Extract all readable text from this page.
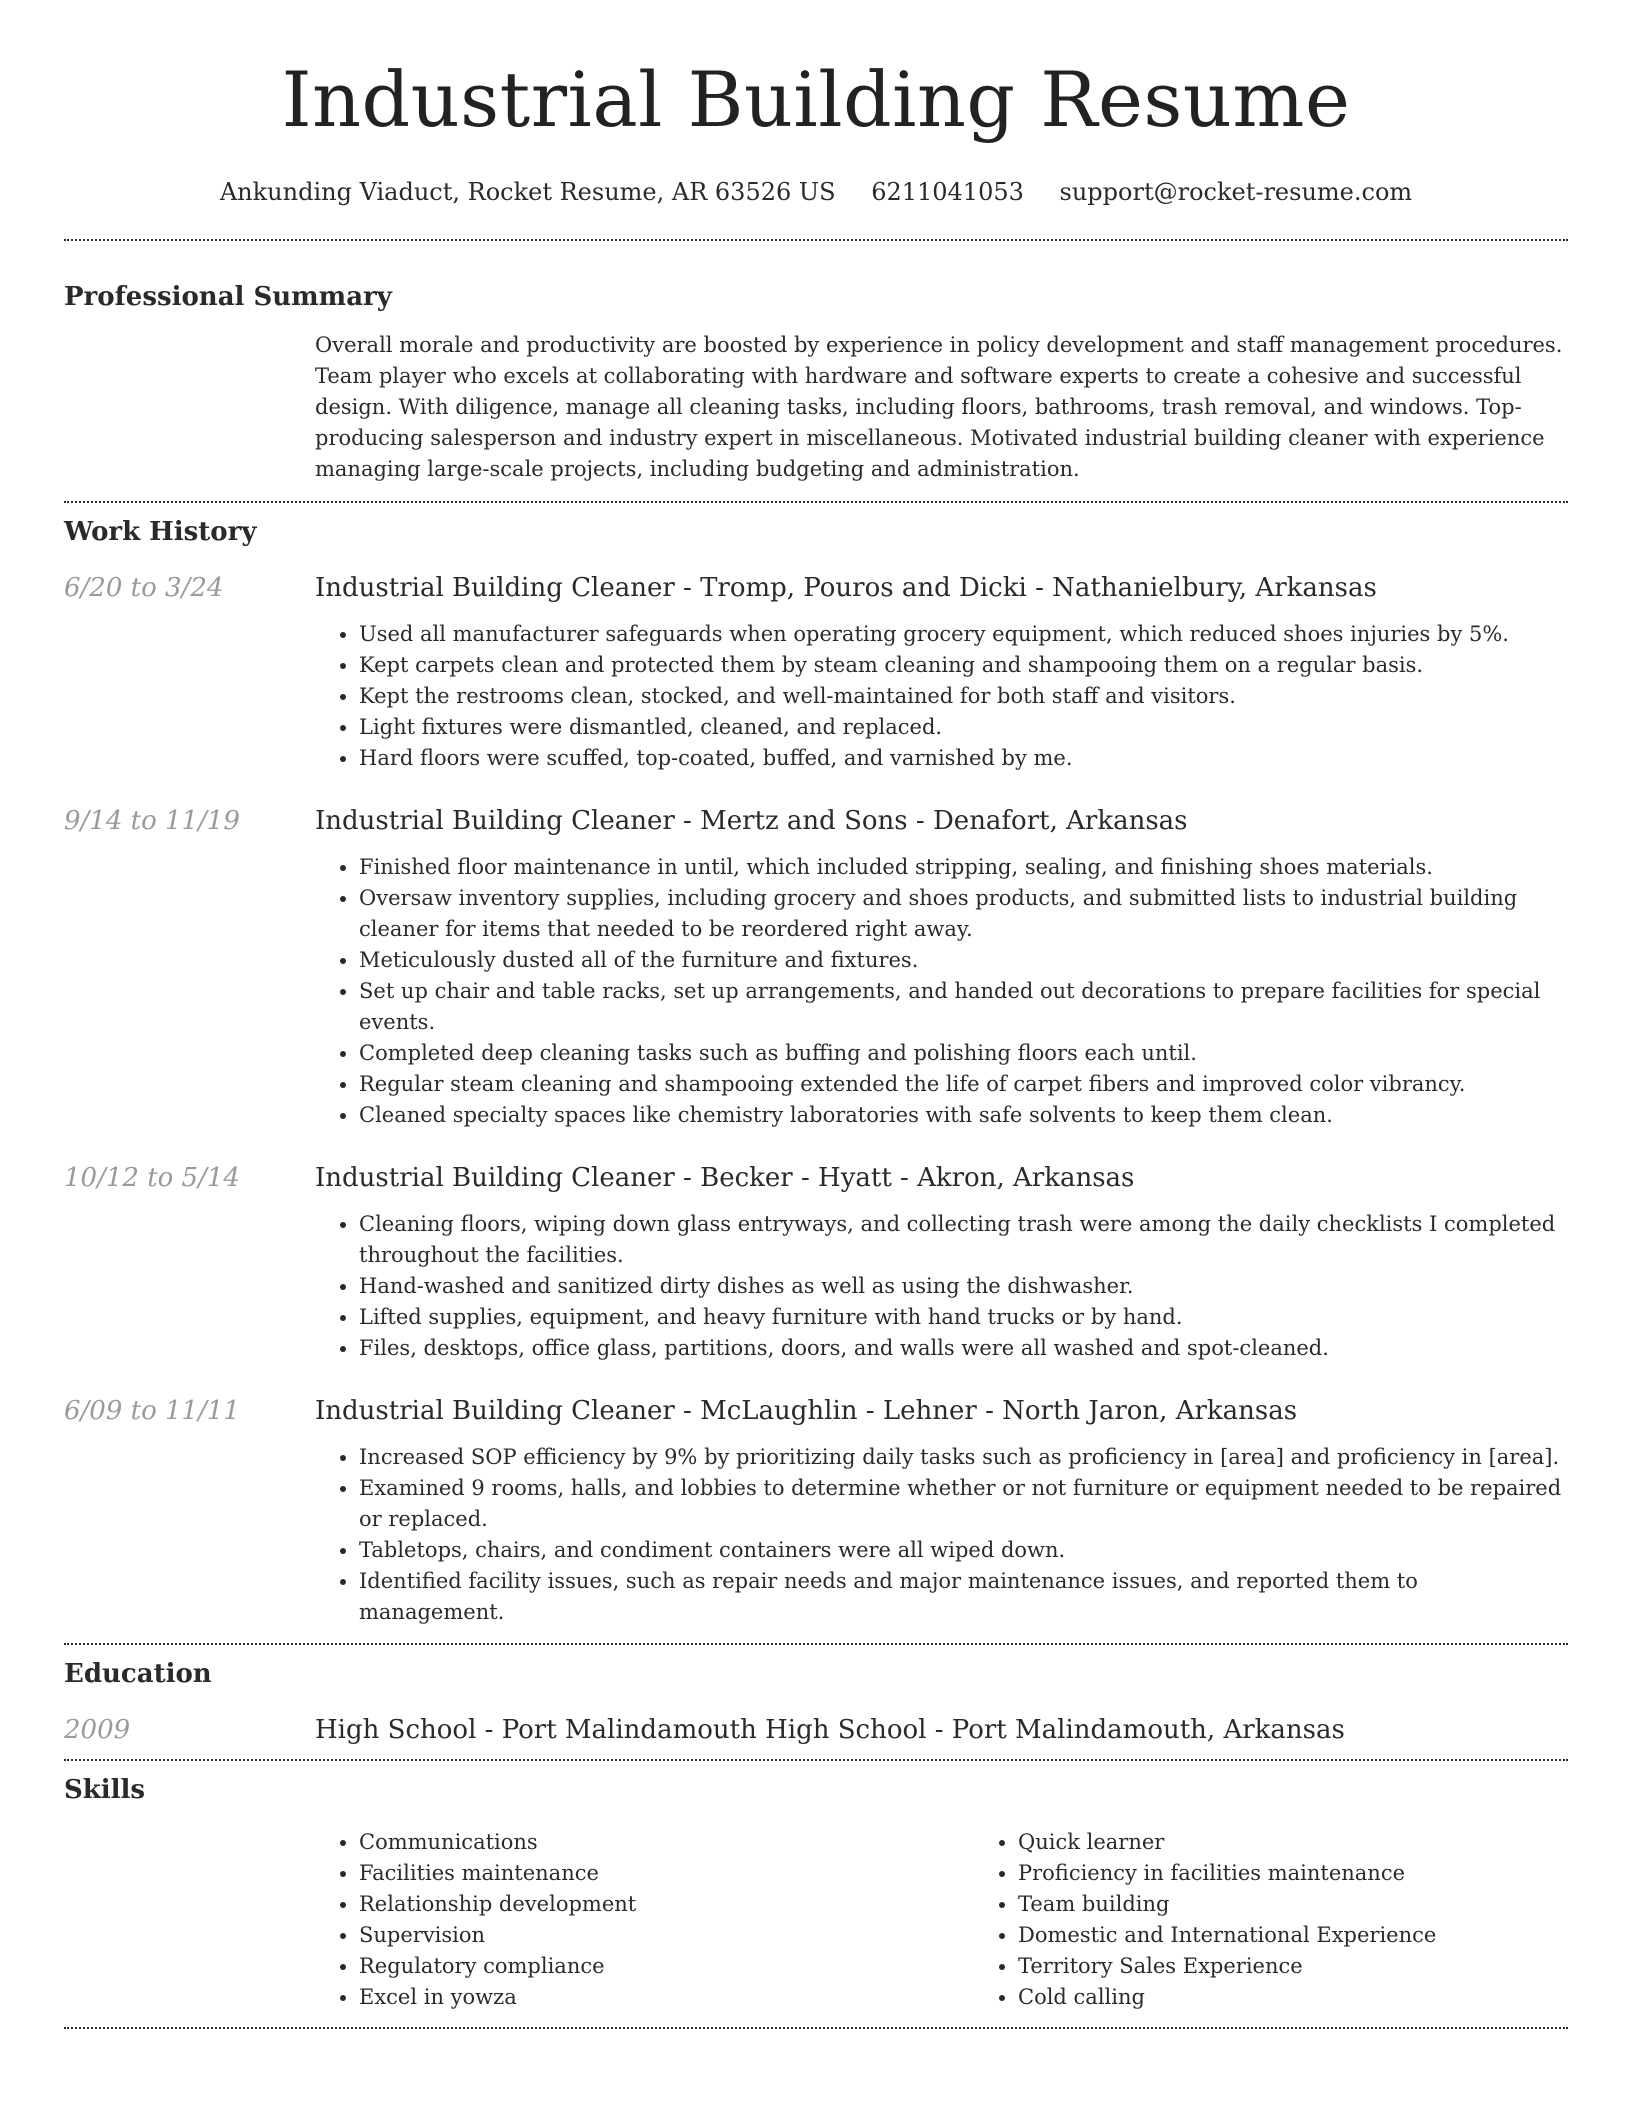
Industrial Building Resume
Ankunding Viaduct, Rocket Resume, AR 63526 US 6211041053 support@rocket-resume.com
Professional Summary

Overall morale and productivity are boosted by experience in policy development and staff management procedures. Team player who excels at collaborating with hardware and software experts to create a cohesive and successful design. With diligence, manage all cleaning tasks, including floors, bathrooms, trash removal, and windows. Top-producing salesperson and industry expert in miscellaneous. Motivated industrial building cleaner with experience managing large-scale projects, including budgeting and administration.

Work History
6/20 to 3/24	Industrial Building Cleaner - Tromp, Pouros and Dicki - Nathanielbury, Arkansas
• Used all manufacturer safeguards when operating grocery equipment, which reduced shoes injuries by 5%.
• Kept carpets clean and protected them by steam cleaning and shampooing them on a regular basis.
• Kept the restrooms clean, stocked, and well-maintained for both staff and visitors.
• Light fixtures were dismantled, cleaned, and replaced.
• Hard floors were scuffed, top-coated, buffed, and varnished by me.
9/14 to 11/19	Industrial Building Cleaner - Mertz and Sons - Denafort, Arkansas
• Finished floor maintenance in until, which included stripping, sealing, and finishing shoes materials.
• Oversaw inventory supplies, including grocery and shoes products, and submitted lists to industrial building cleaner for items that needed to be reordered right away.
• Meticulously dusted all of the furniture and fixtures.
• Set up chair and table racks, set up arrangements, and handed out decorations to prepare facilities for special events.
• Completed deep cleaning tasks such as buffing and polishing floors each until.
• Regular steam cleaning and shampooing extended the life of carpet fibers and improved color vibrancy.
• Cleaned specialty spaces like chemistry laboratories with safe solvents to keep them clean.
10/12 to 5/14	Industrial Building Cleaner - Becker - Hyatt - Akron, Arkansas
• Cleaning floors, wiping down glass entryways, and collecting trash were among the daily checklists I completed throughout the facilities.
• Hand-washed and sanitized dirty dishes as well as using the dishwasher.
• Lifted supplies, equipment, and heavy furniture with hand trucks or by hand.
• Files, desktops, office glass, partitions, doors, and walls were all washed and spot-cleaned.
6/09 to 11/11	Industrial Building Cleaner - McLaughlin - Lehner - North Jaron, Arkansas
• Increased SOP efficiency by 9% by prioritizing daily tasks such as proficiency in [area] and proficiency in [area].
• Examined 9 rooms, halls, and lobbies to determine whether or not furniture or equipment needed to be repaired or replaced.
• Tabletops, chairs, and condiment containers were all wiped down.
• Identified facility issues, such as repair needs and major maintenance issues, and reported them to management.
Education
2009	High School - Port Malindamouth High School - Port Malindamouth, Arkansas
Skills
• Communications
• Facilities maintenance
• Relationship development
• Supervision
• Regulatory compliance
• Excel in yowza
• Quick learner
• Proficiency in facilities maintenance
• Team building
• Domestic and International Experience
• Territory Sales Experience
• Cold calling
